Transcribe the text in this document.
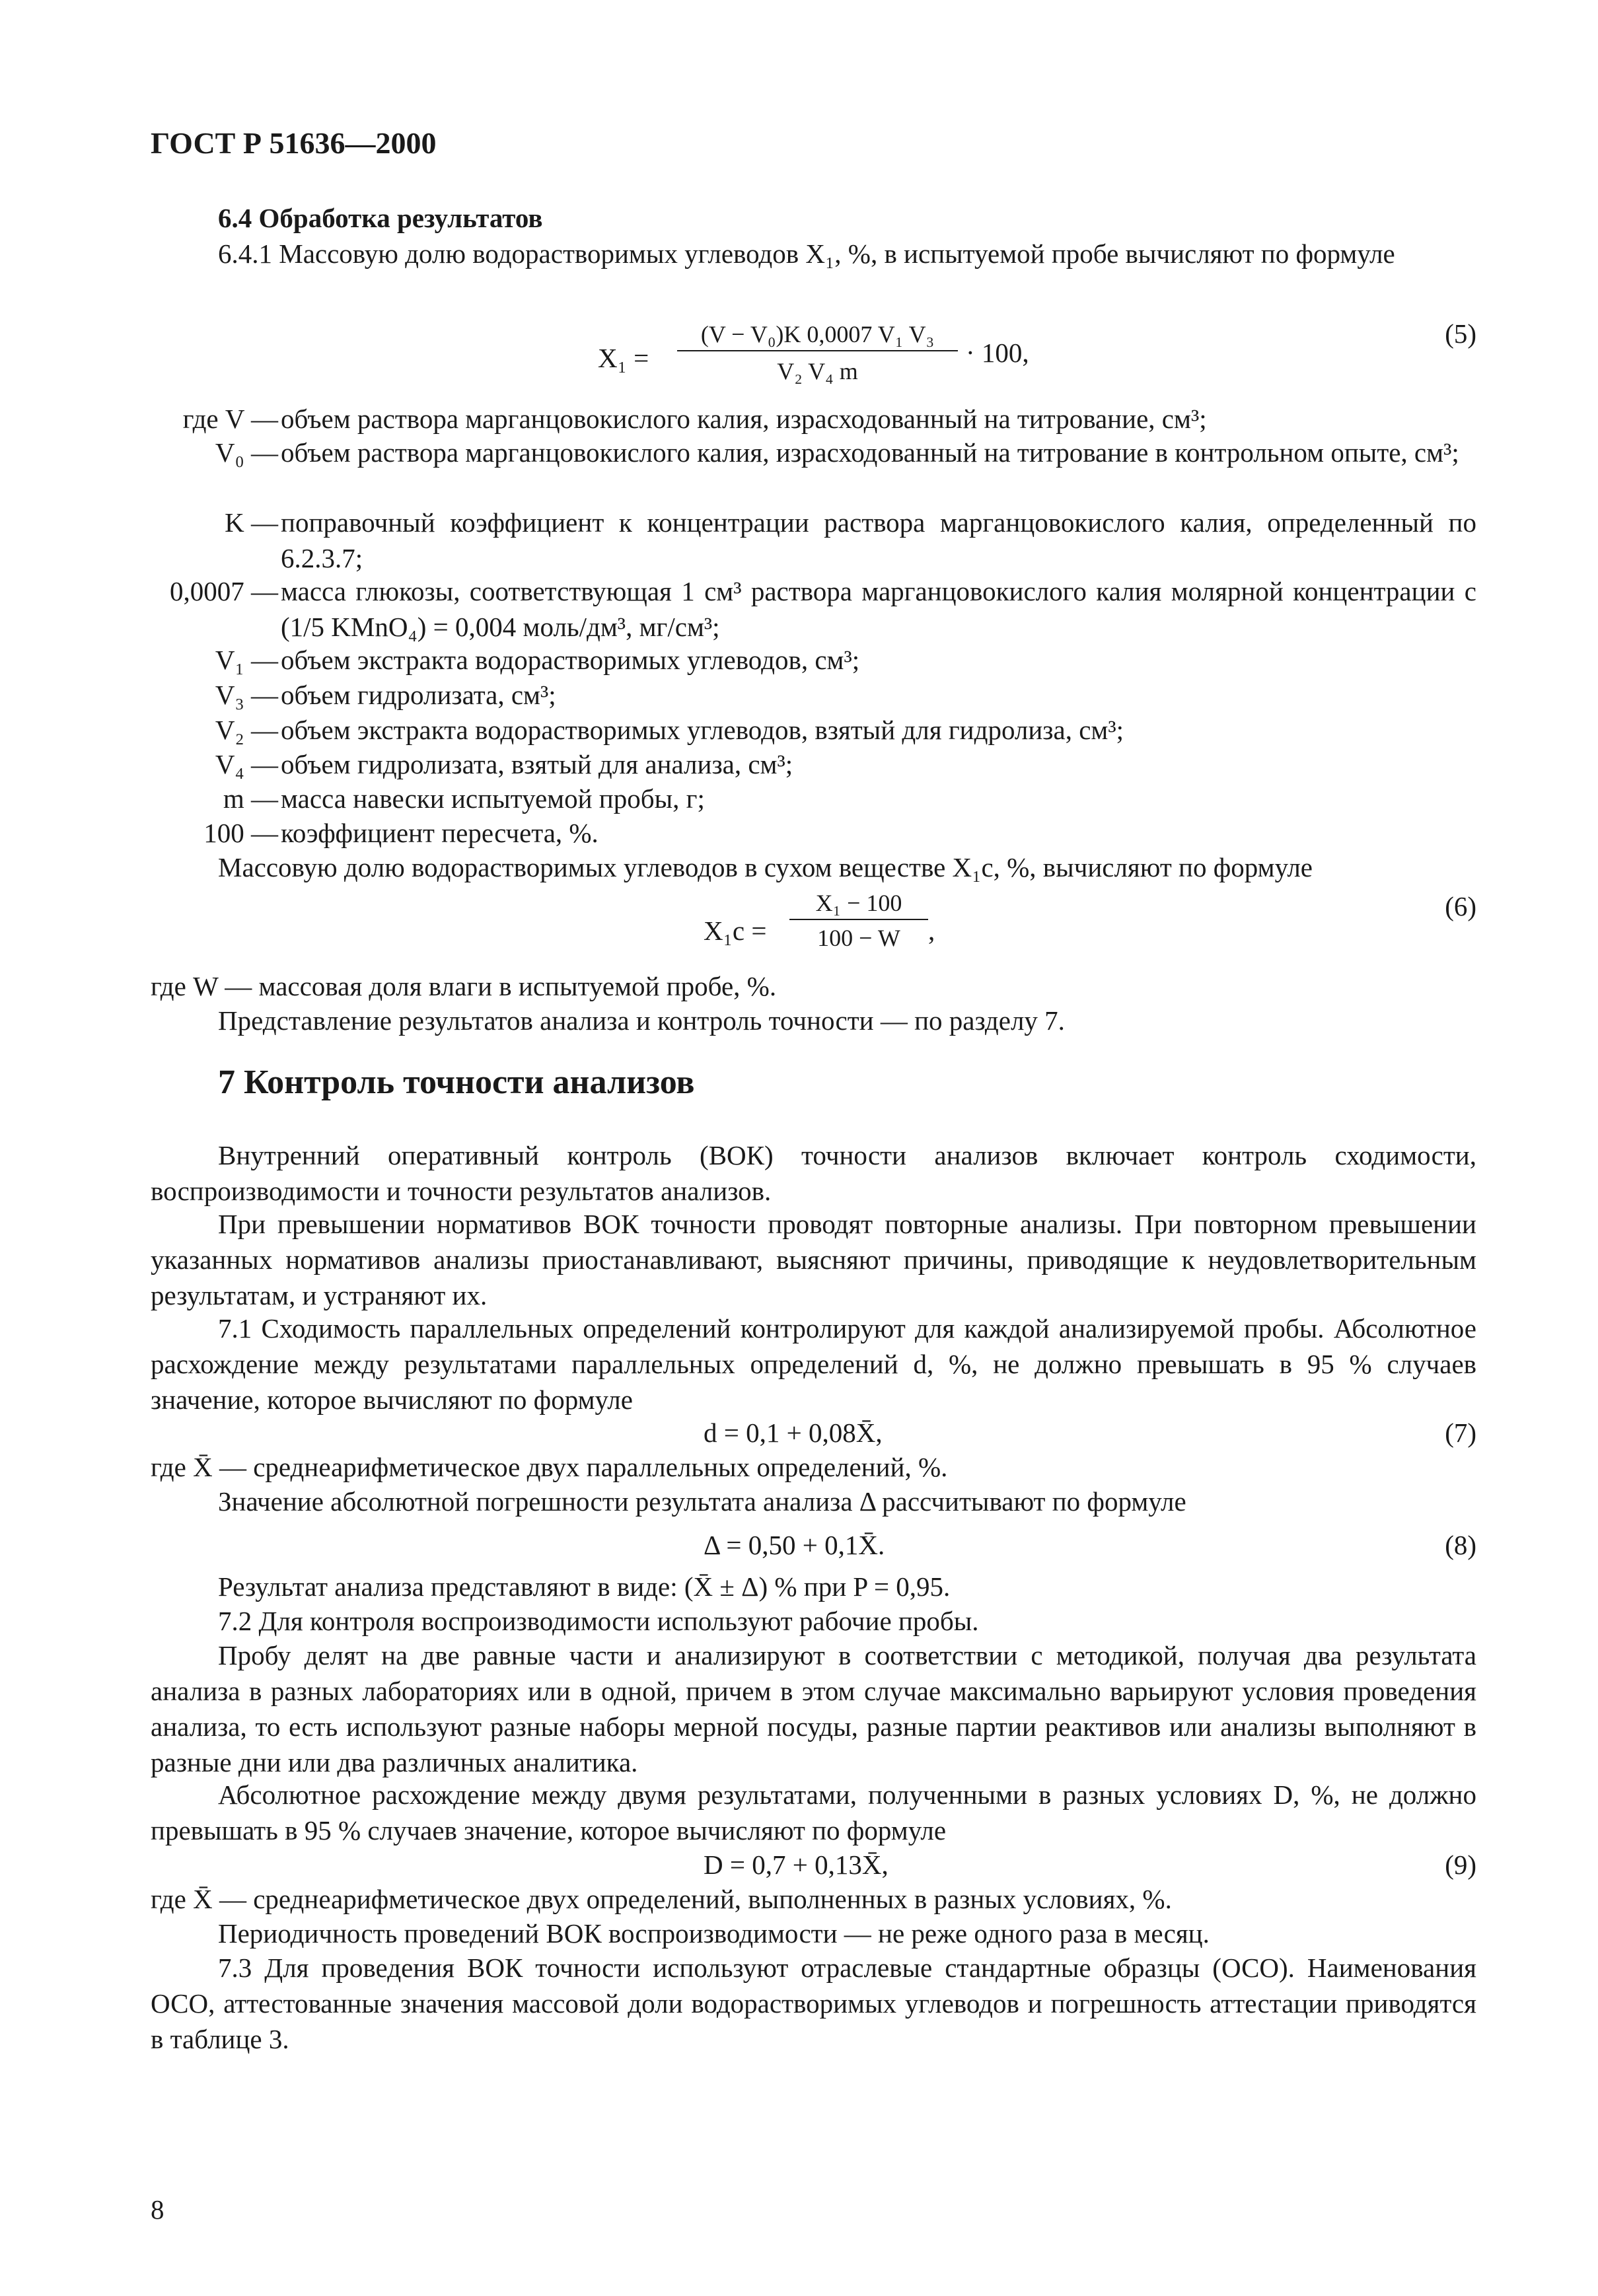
ГОСТ Р 51636—2000
6.4 Обработка результатов
6.4.1 Массовую долю водорастворимых углеводов X₁, %, в испытуемой пробе вычисляют по формуле
X₁ =
(V − V₀)K 0,0007 V₁ V₃
V₂ V₄ m
· 100,
(5)
где V — объем раствора марганцовокислого калия, израсходованный на титрование, см³;
V₀ — объем раствора марганцовокислого калия, израсходованный на титрование в контрольном опыте, см³;
K — поправочный коэффициент к концентрации раствора марганцовокислого калия, определенный по 6.2.3.7;
0,0007 — масса глюкозы, соответствующая 1 см³ раствора марганцовокислого калия молярной концентрации c (1/5 KMnO₄) = 0,004 моль/дм³, мг/см³;
V₁ — объем экстракта водорастворимых углеводов, см³;
V₃ — объем гидролизата, см³;
V₂ — объем экстракта водорастворимых углеводов, взятый для гидролиза, см³;
V₄ — объем гидролизата, взятый для анализа, см³;
m — масса навески испытуемой пробы, г;
100 — коэффициент пересчета, %.
Массовую долю водорастворимых углеводов в сухом веществе X₁c, %, вычисляют по формуле
X₁c =
X₁ − 100
100 − W	,
(6)
где W — массовая доля влаги в испытуемой пробе, %.
Представление результатов анализа и контроль точности — по разделу 7.
7 Контроль точности анализов
Внутренний оперативный контроль (ВОК) точности анализов включает контроль сходимости, воспроизводимости и точности результатов анализов.
При превышении нормативов ВОК точности проводят повторные анализы. При повторном превышении указанных нормативов анализы приостанавливают, выясняют причины, приводящие к неудовлетворительным результатам, и устраняют их.
7.1 Сходимость параллельных определений контролируют для каждой анализируемой пробы. Абсолютное расхождение между результатами параллельных определений d, %, не должно превышать в 95 % случаев значение, которое вычисляют по формуле
d = 0,1 + 0,08X̄,	(7)
где X̄ — среднеарифметическое двух параллельных определений, %.
Значение абсолютной погрешности результата анализа Δ рассчитывают по формуле
Δ = 0,50 + 0,1X̄.	(8)
Результат анализа представляют в виде: (X̄ ± Δ) % при P = 0,95.
7.2 Для контроля воспроизводимости используют рабочие пробы.
Пробу делят на две равные части и анализируют в соответствии с методикой, получая два результата анализа в разных лабораториях или в одной, причем в этом случае максимально варьируют условия проведения анализа, то есть используют разные наборы мерной посуды, разные партии реактивов или анализы выполняют в разные дни или два различных аналитика.
Абсолютное расхождение между двумя результатами, полученными в разных условиях D, %, не должно превышать в 95 % случаев значение, которое вычисляют по формуле
D = 0,7 + 0,13X̄,	(9)
где X̄ — среднеарифметическое двух определений, выполненных в разных условиях, %.
Периодичность проведений ВОК воспроизводимости — не реже одного раза в месяц.
7.3 Для проведения ВОК точности используют отраслевые стандартные образцы (ОСО). Наименования ОСО, аттестованные значения массовой доли водорастворимых углеводов и погрешность аттестации приводятся в таблице 3.
8
